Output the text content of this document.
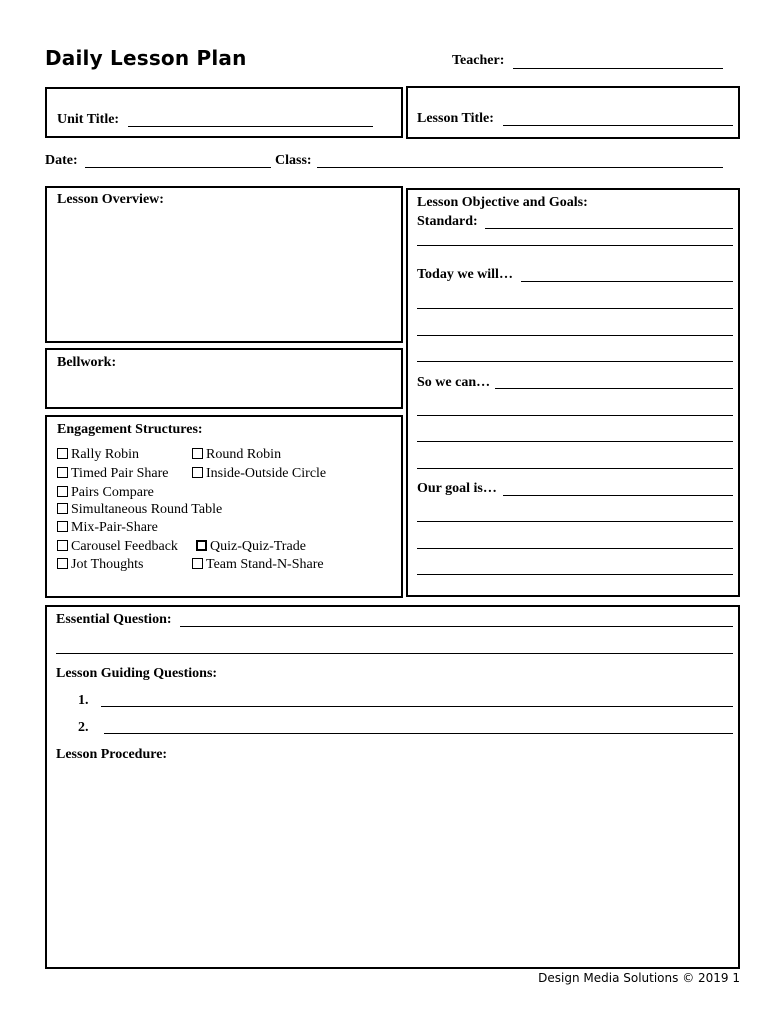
Daily Lesson Plan	Teacher:
Unit Title:	Lesson Title:
Date:	Class:
Lesson Overview:
Bellwork:
Engagement Structures:
Rally Robin	Round Robin
Timed Pair Share	Inside-Outside Circle
Pairs Compare
Simultaneous Round Table
Mix-Pair-Share
Carousel Feedback	Quiz-Quiz-Trade
Jot Thoughts	Team Stand-N-Share
Lesson Objective and Goals:
Standard:
Today we will…
So we can…
Our goal is…
Essential Question:
Lesson Guiding Questions:
1.
2.
Lesson Procedure:
Design Media Solutions © 2019 1
